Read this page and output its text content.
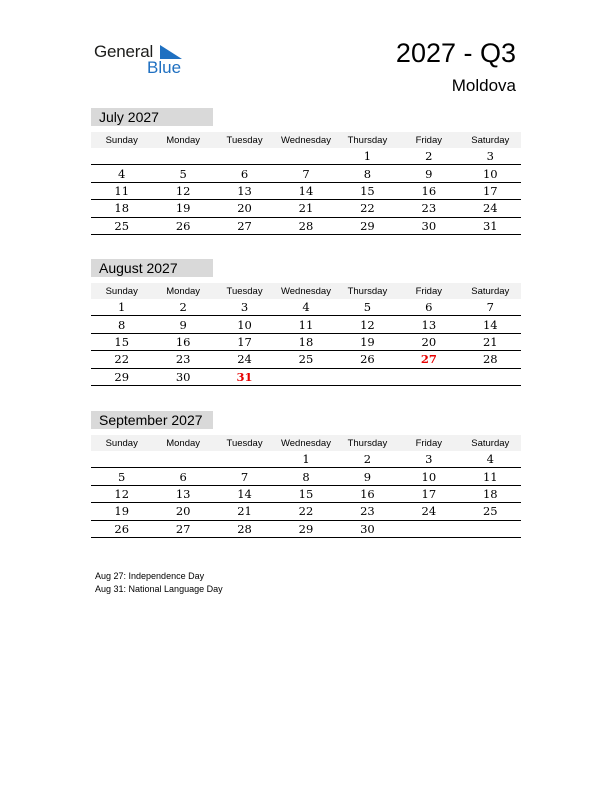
General
Blue	2027 - Q3
Moldova
July 2027
Sunday	Monday	Tuesday	Wednesday	Thursday	Friday	Saturday
				1	2	3
4	5	6	7	8	9	10
11	12	13	14	15	16	17
18	19	20	21	22	23	24
25	26	27	28	29	30	31
August 2027
Sunday	Monday	Tuesday	Wednesday	Thursday	Friday	Saturday
1	2	3	4	5	6	7
8	9	10	11	12	13	14
15	16	17	18	19	20	21
22	23	24	25	26	27	28
29	30	31				
September 2027
Sunday	Monday	Tuesday	Wednesday	Thursday	Friday	Saturday
			1	2	3	4
5	6	7	8	9	10	11
12	13	14	15	16	17	18
19	20	21	22	23	24	25
26	27	28	29	30		
Aug 27: Independence Day
Aug 31: National Language Day
